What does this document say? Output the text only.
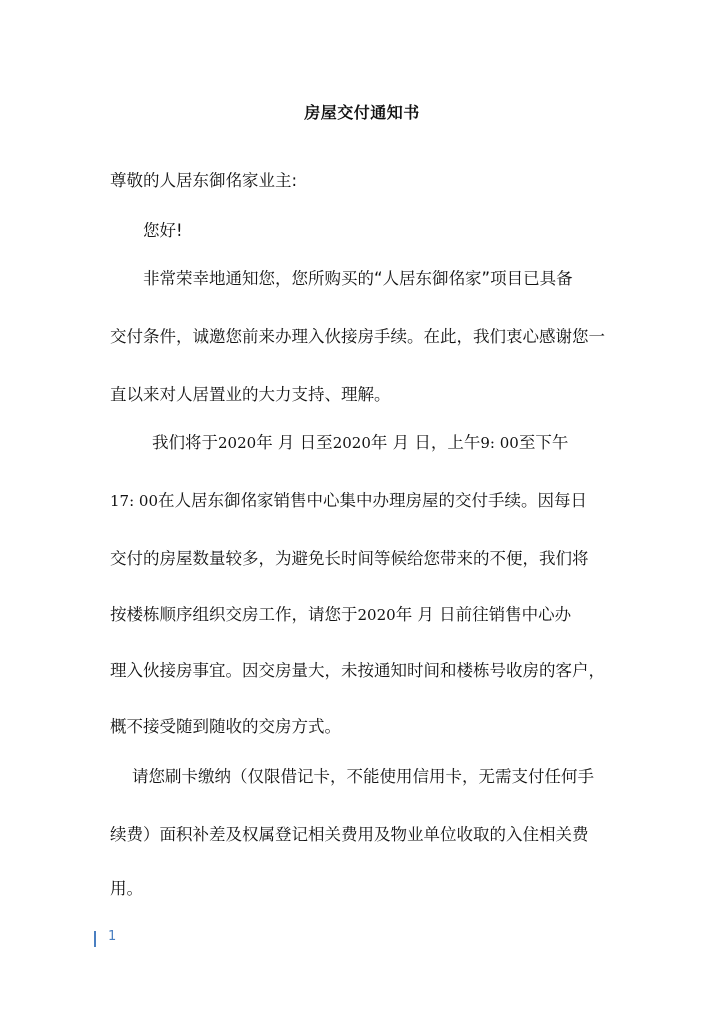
房屋交付通知书
尊敬的人居东御佲家业主:
您好!
非常荣幸地通知您，您所购买的“人居东御佲家”项目已具备
交付条件，诚邀您前来办理入伙接房手续。在此，我们衷心感谢您一
直以来对人居置业的大力支持、理解。
我们将于2020年 月 日至2020年 月 日，上午9: 00至下午
17: 00在人居东御佲家销售中心集中办理房屋的交付手续。因每日
交付的房屋数量较多，为避免长时间等候给您带来的不便，我们将
按楼栋顺序组织交房工作，请您于2020年 月 日前往销售中心办
理入伙接房事宜。因交房量大，未按通知时间和楼栋号收房的客户，
概不接受随到随收的交房方式。
请您刷卡缴纳（仅限借记卡，不能使用信用卡，无需支付任何手
续费）面积补差及权属登记相关费用及物业单位收取的入住相关费
用。
1
